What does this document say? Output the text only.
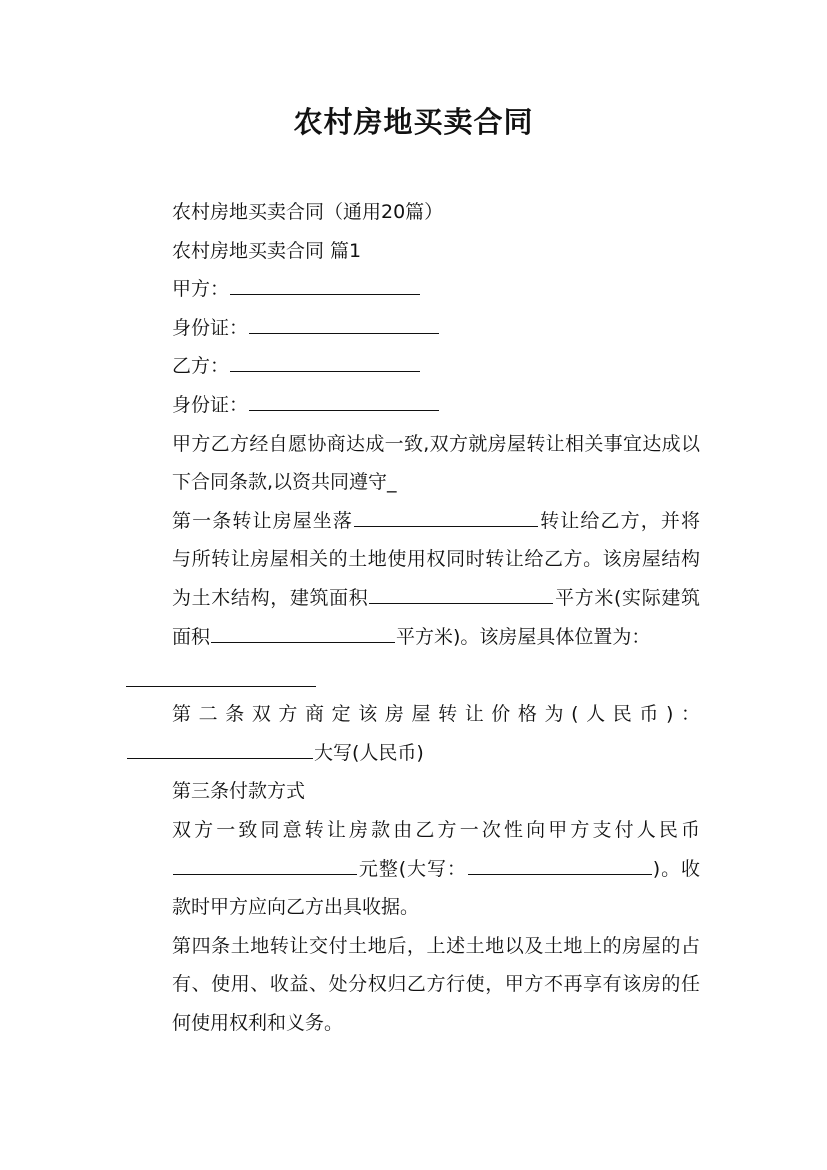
农村房地买卖合同

农村房地买卖合同（通用20篇）

农村房地买卖合同 篇1

甲方：

身份证：

乙方：

身份证：

甲方乙方经自愿协商达成一致,双方就房屋转让相关事宜达成以下合同条款,以资共同遵守_

第一条转让房屋坐落	转让给乙方，并将与所转让房屋相关的土地使用权同时转让给乙方。该房屋结构为土木结构，建筑面积	平方米(实际建筑面积	平方米)。该房屋具体位置为：

第二条双方商定该房屋转让价格为(人民币)：

大写(人民币)

第三条付款方式

双方一致同意转让房款由乙方一次性向甲方支付人民币元整(大写：	)。收款时甲方应向乙方出具收据。

第四条土地转让交付土地后，上述土地以及土地上的房屋的占有、使用、收益、处分权归乙方行使，甲方不再享有该房的任何使用权利和义务。
